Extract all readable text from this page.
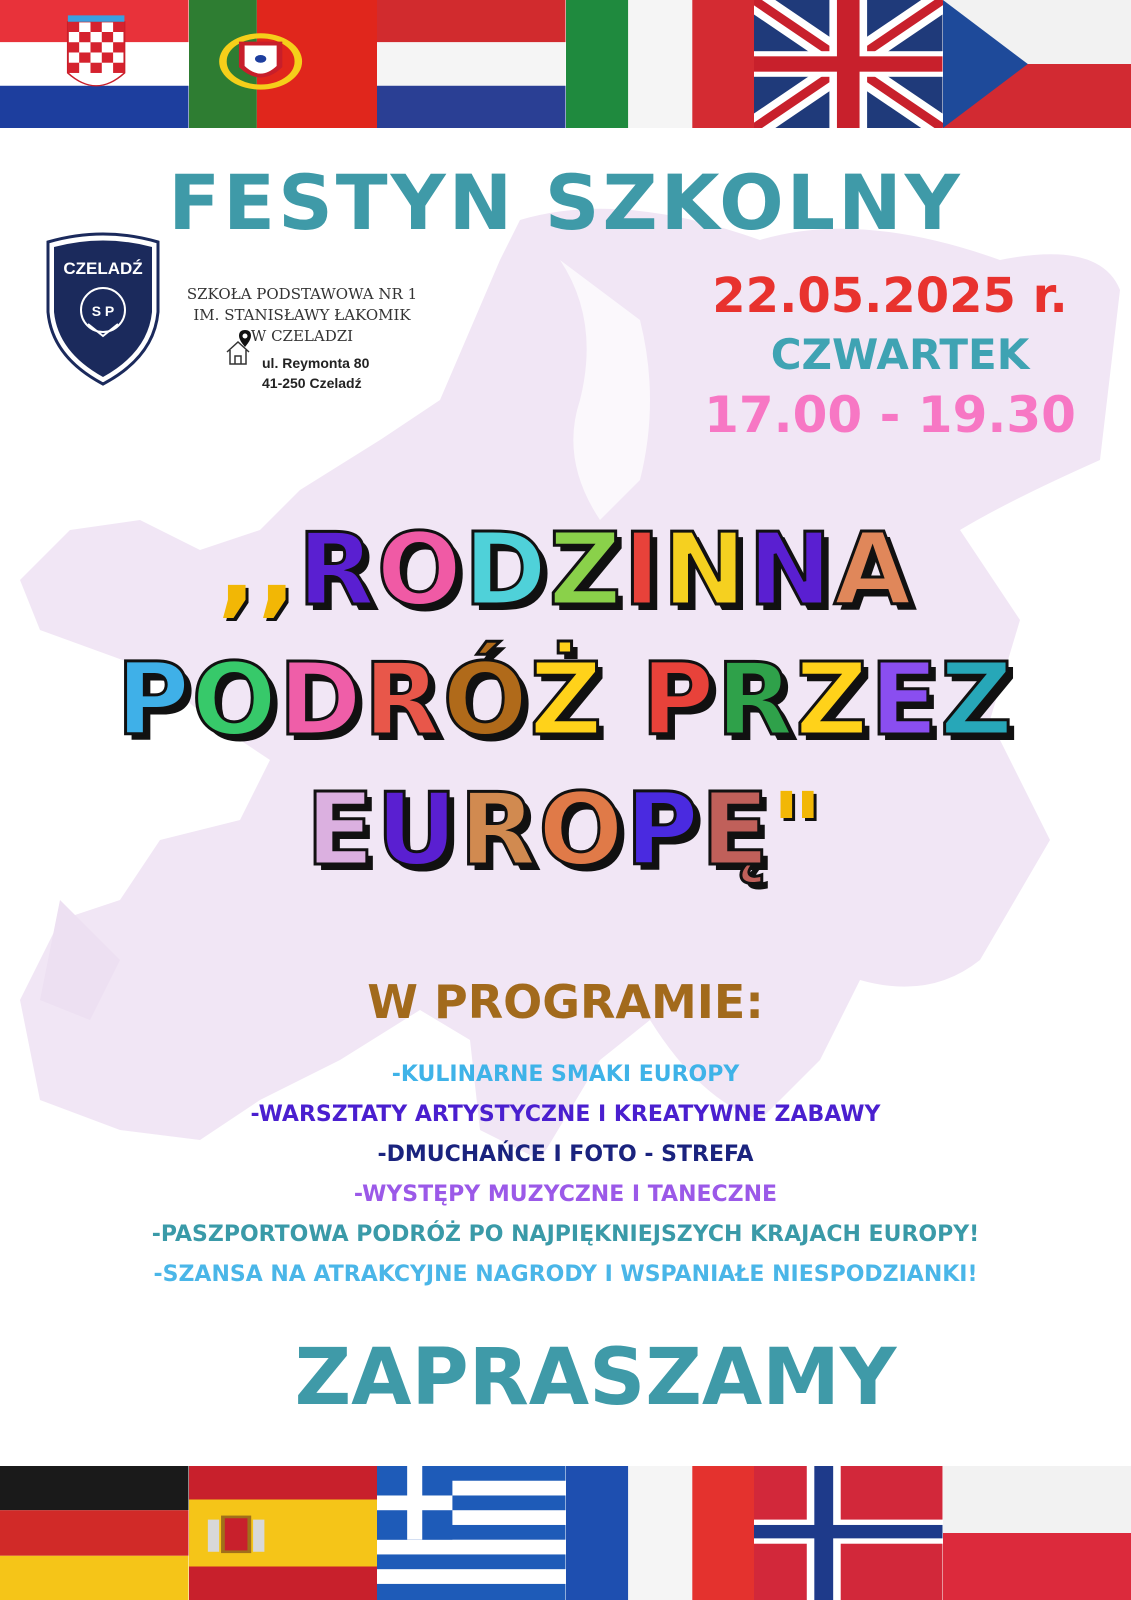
FESTYN SZKOLNY
CZELADŹ
S P
SZKOŁA PODSTAWOWA NR 1
IM. STANISŁAWY ŁAKOMIK
W CZELADZI
ul. Reymonta 80
41-250 Czeladź
22.05.2025 r.
CZWARTEK
17.00 - 19.30
,,RODZINNA
PODRÓŻ PRZEZ
EUROPĘ"
W PROGRAMIE:
-KULINARNE SMAKI EUROPY
-WARSZTATY ARTYSTYCZNE I KREATYWNE ZABAWY
-DMUCHAŃCE I FOTO - STREFA
-WYSTĘPY MUZYCZNE I TANECZNE
-PASZPORTOWA PODRÓŻ PO NAJPIĘKNIEJSZYCH KRAJACH EUROPY!
-SZANSA NA ATRAKCYJNE NAGRODY I WSPANIAŁE NIESPODZIANKI!
ZAPRASZAMY
